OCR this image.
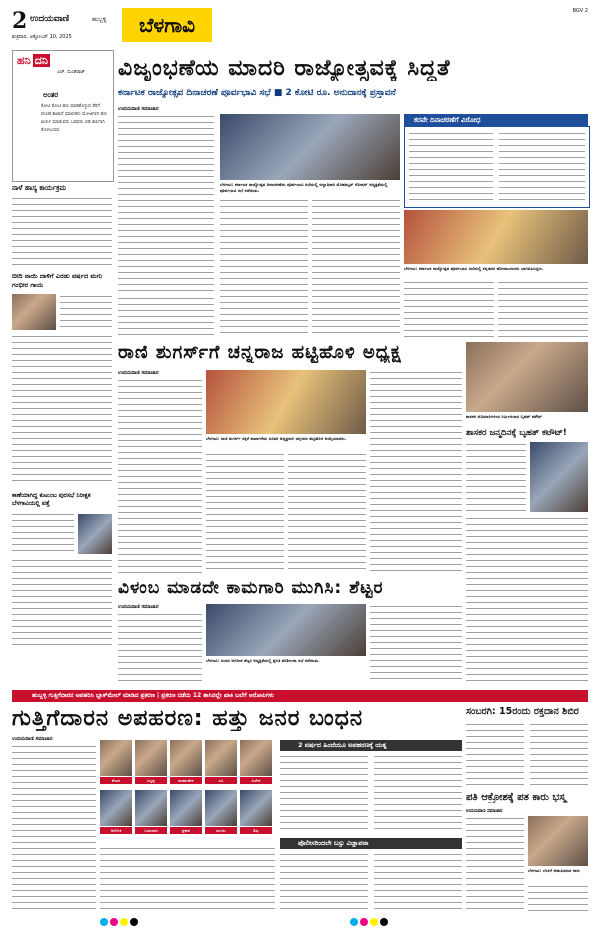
2 ಉದಯವಾಣಿ	ಹುಬ್ಬಳ್ಳಿ
ಶುಕ್ರವಾರ, ಅಕ್ಟೋಬರ್ 10, 2025	ಬೆಳಗಾವಿ
BGV 2
ಹನಿ ದನಿ
ಎಚ್. ದುಂಡಿರಾಜ್
ಅಂತರ
ಕೋಟಿ ಕೋಟಿ ಹಣ ಮಾಡಿಕೊಳ್ಳುವ ತೆರಿಗೆ ವಂಚಕ ಕಾಖಾನೆ ಮಾಲೀಕರು ಮೋಜಿಗಾಗಿ ಹಣ ಖರ್ಚು ಮಾಡುವರು ಬಡವರು ಬಿಡಿ ಕಾಸಿಗಾಗಿ ತೊಳಲುವರು
ನಾಳೆ ಹಾಸ್ಯ ಕಾರ್ಯಕ್ರಮ
ಬೀದಿ ನಾಯಿ ದಾಳಿಗೆ ಎರಡು ವರ್ಷದ ಮಗು ಗಂಭೀರ ಗಾಯ
ಕಾಣೆಯಾಗಿದ್ದ ಕುಟುಂಬ ಪುರಸಭೆ ನಿರೀಕ್ಷಕ ಬೆಳಗಾವಿಯಲ್ಲಿ ಪತ್ತೆ
ವಿಜೃಂಭಣೆಯ ಮಾದರಿ ರಾಜ್ಯೋತ್ಸವಕ್ಕೆ ಸಿದ್ಧತೆ
ಕರ್ನಾಟಕ ರಾಜ್ಯೋತ್ಸವ ದಿನಾಚರಣೆ ಪೂರ್ವಭಾವಿ ಸಭೆ ■ 2 ಕೋಟಿ ರೂ. ಅನುದಾನಕ್ಕೆ ಪ್ರಸ್ತಾವನೆ
ಉದಯವಾಣಿ ಸಮಾಚಾರ
ಬೆಳಗಾವಿ: ಕರ್ನಾಟಕ ರಾಜ್ಯೋತ್ಸವ ದಿನಾಚರಣೆಯ ಪೂರ್ವಭಾವಿ ಸಭೆಯಲ್ಲಿ ಜಿಲ್ಲಾಧಿಕಾರಿ ಮೊಹಮ್ಮದ್ ರೋಷನ್ ಅಧ್ಯಕ್ಷತೆಯಲ್ಲಿ ಪೂರ್ವಭಾವಿ ಸಭೆ ನಡೆಯಿತು.
ಕರವೇ ದಿನಾಚರಣೆಗೆ ವಿರೋಧ
ಬೆಳಗಾವಿ: ಕರ್ನಾಟಕ ರಾಜ್ಯೋತ್ಸವ ಪೂರ್ವಭಾವಿ ಸಭೆಯಲ್ಲಿ ಕನ್ನಡಪರ ಹೋರಾಟಗಾರರು ಭಾಗವಹಿಸಿದ್ದರು.
ರಾಣಿ ಶುಗರ್ಸ್‌ಗೆ ಚನ್ನರಾಜ ಹಟ್ಟಿಹೊಳಿ ಅಧ್ಯಕ್ಷ
ಉದಯವಾಣಿ ಸಮಾಚಾರ
ಬೆಳಗಾವಿ: ರಾಣಿ ಶುಗರ್ಸ್ ಸಕ್ಕರೆ ಕಾರ್ಖಾನೆಯ ನೂತನ ಅಧ್ಯಕ್ಷರಾಗಿ ಚನ್ನರಾಜ ಹಟ್ಟಿಹೊಳಿ ಆಯ್ಕೆಯಾದರು.
ಶಾಸಕರ ಅಭಿಮಾನಿಗಳಿಂದ ನಿರ್ಮಿಸಲಾದ ಬೃಹತ್ ಕಟೌಟ್
ಶಾಸಕರ ಜನ್ಮದಿನಕ್ಕೆ ಬೃಹತ್ ಕಟೌಟ್!
ವಿಳಂಬ ಮಾಡದೇ ಕಾಮಗಾರಿ ಮುಗಿಸಿ: ಶೆಟ್ಟರ
ಉದಯವಾಣಿ ಸಮಾಚಾರ
ಬೆಳಗಾವಿ: ಸಂಸದ ಜಗದೀಶ ಶೆಟ್ಟರ ಅಧ್ಯಕ್ಷತೆಯಲ್ಲಿ ಪ್ರಗತಿ ಪರಿಶೀಲನಾ ಸಭೆ ನಡೆಯಿತು.
ಹುಬ್ಬಳ್ಳಿ ಗುತ್ತಿಗೆದಾರನ ಅಪಹರಿಸಿ ಬ್ಲಾಕ್‌ಮೇಲ್ ಮಾಡಿದ ಪ್ರಕರಣ | ಪ್ರಕರಣ ನಡೆದು 12 ತಾಸಿನಲ್ಲೇ ಖಾಕಿ ಬಲೆಗೆ ಆರೋಪಿಗಳು
ಗುತ್ತಿಗೆದಾರನ ಅಪಹರಣ: ಹತ್ತು ಜನರ ಬಂಧನ
ಉದಯವಾಣಿ ಸಮಾಚಾರ
ಶೇಖರ	ಸಿದ್ದಪ್ಪ	ಮಹಾಂತೇಶ	ರವಿ	ಸುರೇಶ
ಅಶೋಕ	ಬಸವರಾಜ	ಪ್ರಕಾಶ	ಮಂಜು	ಶಿವು
2 ವರ್ಷದ ಹಿಂದೆಯೂ ಅಪಹರಣಕ್ಕೆ ಯತ್ನ
ಪೊಲೀಸರಿಂದಲೇ ಬಸ್ಸು ವಿಜ್ಞಾಪನಾ
ಸಂಬರಗಿ: 15ರಂದು ರಕ್ತದಾನ ಶಿಬಿರ
ಪತಿ ಆಕ್ರೋಶಕ್ಕೆ ಪತ ಕಾರು ಭಸ್ಮ
ಉದಯವಾಣಿ ಸಮಾಚಾರ
ಬೆಳಗಾವಿ: ಬೆಂಕಿಗೆ ಆಹುತಿಯಾದ ಕಾರು
